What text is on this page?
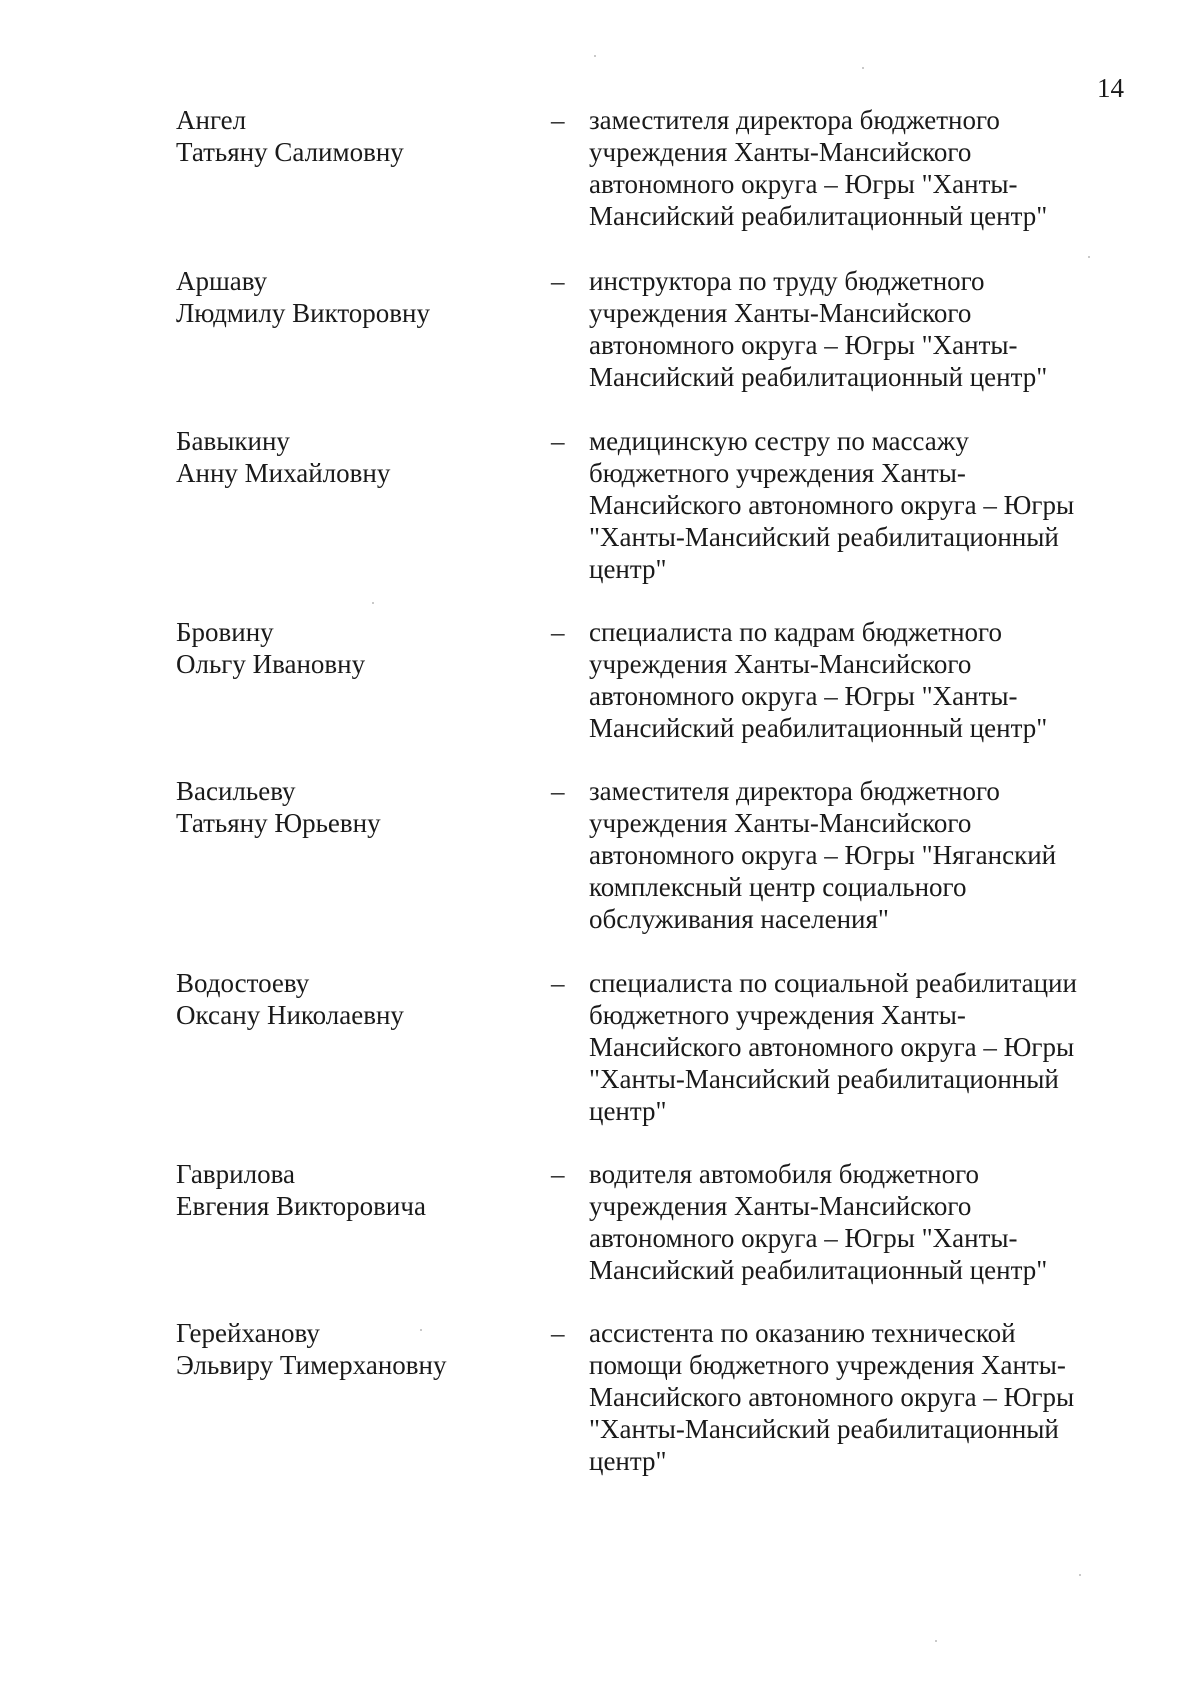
14
Ангел
Татьяну Салимовну
– заместителя директора бюджетного
учреждения Ханты-Мансийского
автономного округа – Югры "Ханты-
Мансийский реабилитационный центр"
Аршаву
Людмилу Викторовну
– инструктора по труду бюджетного
учреждения Ханты-Мансийского
автономного округа – Югры "Ханты-
Мансийский реабилитационный центр"
Бавыкину
Анну Михайловну
– медицинскую сестру по массажу
бюджетного учреждения Ханты-
Мансийского автономного округа – Югры
"Ханты-Мансийский реабилитационный
центр"
Бровину
Ольгу Ивановну
– специалиста по кадрам бюджетного
учреждения Ханты-Мансийского
автономного округа – Югры "Ханты-
Мансийский реабилитационный центр"
Васильеву
Татьяну Юрьевну
– заместителя директора бюджетного
учреждения Ханты-Мансийского
автономного округа – Югры "Няганский
комплексный центр социального
обслуживания населения"
Водостоеву
Оксану Николаевну
– специалиста по социальной реабилитации
бюджетного учреждения Ханты-
Мансийского автономного округа – Югры
"Ханты-Мансийский реабилитационный
центр"
Гаврилова
Евгения Викторовича
– водителя автомобиля бюджетного
учреждения Ханты-Мансийского
автономного округа – Югры "Ханты-
Мансийский реабилитационный центр"
Герейханову
Эльвиру Тимерхановну
– ассистента по оказанию технической
помощи бюджетного учреждения Ханты-
Мансийского автономного округа – Югры
"Ханты-Мансийский реабилитационный
центр"
